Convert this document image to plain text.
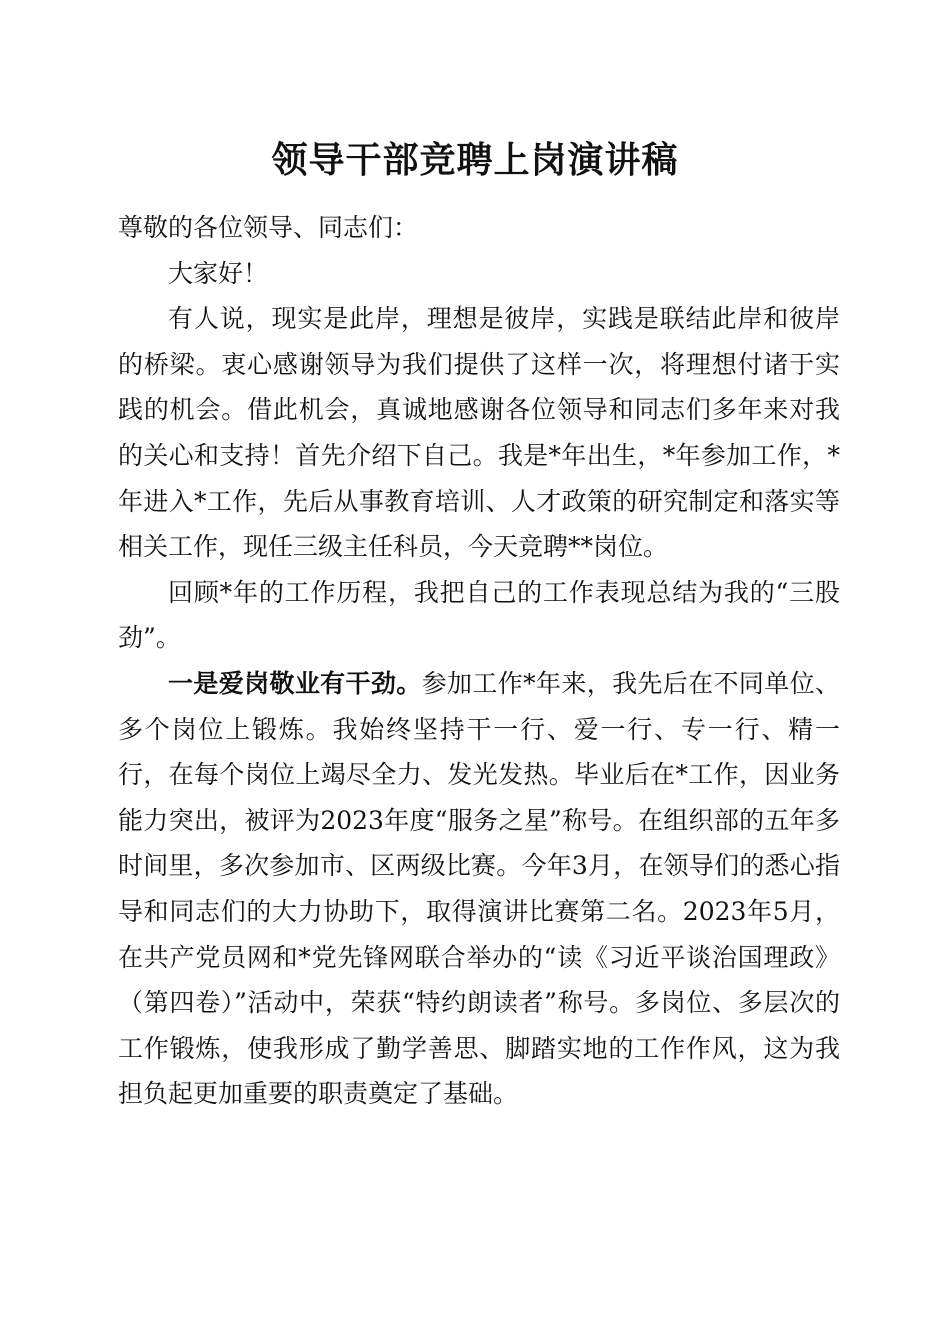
领导干部竞聘上岗演讲稿

尊敬的各位领导、同志们：

大家好！

有人说，现实是此岸，理想是彼岸，实践是联结此岸和彼岸的桥梁。衷心感谢领导为我们提供了这样一次，将理想付诸于实践的机会。借此机会，真诚地感谢各位领导和同志们多年来对我的关心和支持！首先介绍下自己。我是*年出生，*年参加工作，*年进入*工作，先后从事教育培训、人才政策的研究制定和落实等相关工作，现任三级主任科员，今天竞聘**岗位。

回顾*年的工作历程，我把自己的工作表现总结为我的“三股劲”。

一是爱岗敬业有干劲。参加工作*年来，我先后在不同单位、多个岗位上锻炼。我始终坚持干一行、爱一行、专一行、精一行，在每个岗位上竭尽全力、发光发热。毕业后在*工作，因业务能力突出，被评为2023年度“服务之星”称号。在组织部的五年多时间里，多次参加市、区两级比赛。今年3月，在领导们的悉心指导和同志们的大力协助下，取得演讲比赛第二名。2023年5月，在共产党员网和*党先锋网联合举办的“读《习近平谈治国理政》（第四卷）”活动中，荣获“特约朗读者”称号。多岗位、多层次的工作锻炼，使我形成了勤学善思、脚踏实地的工作作风，这为我担负起更加重要的职责奠定了基础。
